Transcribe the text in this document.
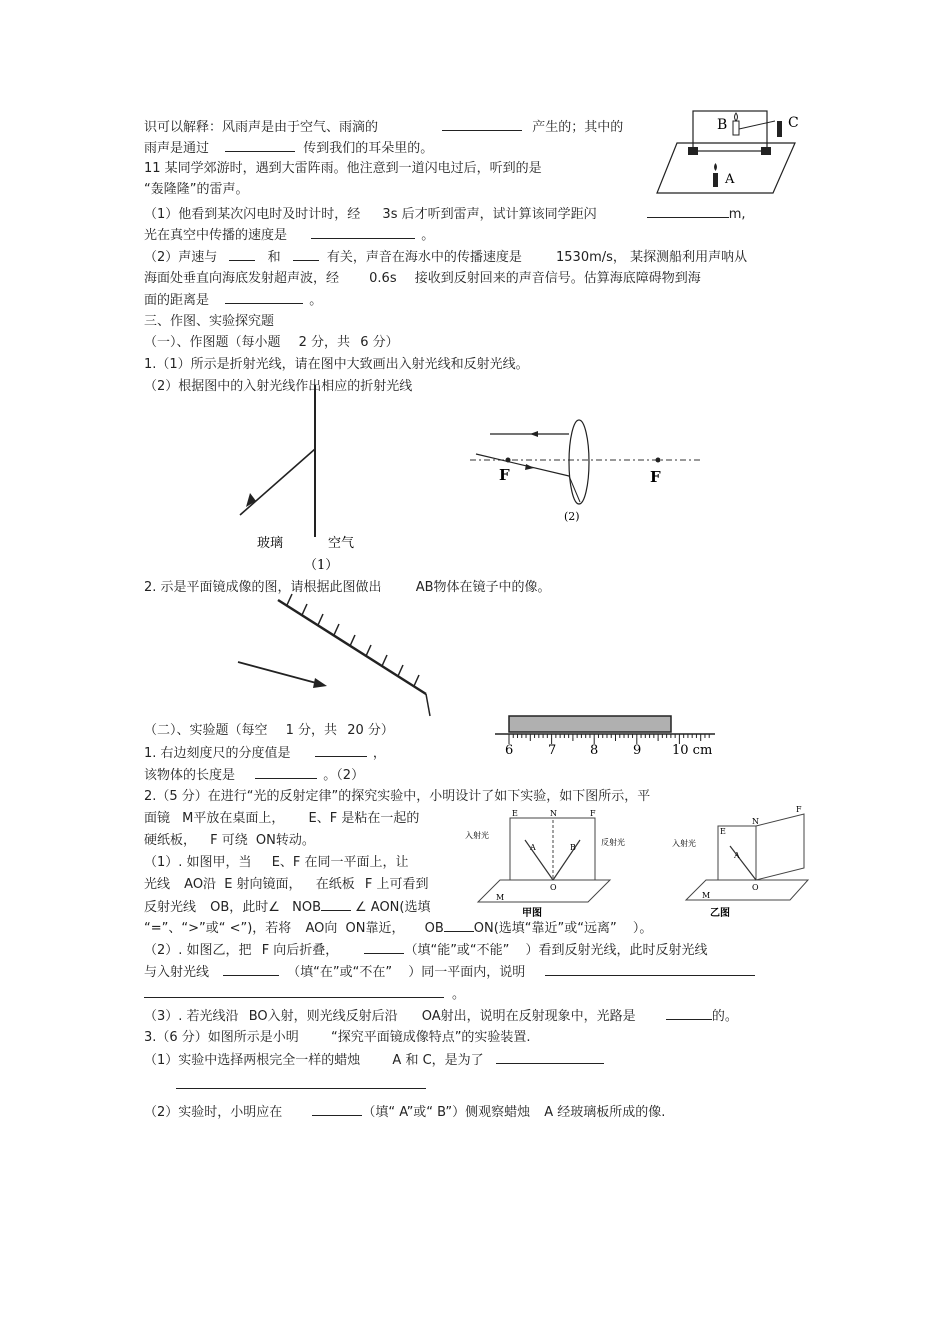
识可以解释：风雨声是由于空气、雨滴的	产生的；其中的
雨声是通过	传到我们的耳朵里的。
11 某同学郊游时，遇到大雷阵雨。他注意到一道闪电过后，听到的是
“轰隆隆”的雷声。
（1）他看到某次闪电时及时计时，经 3s 后才听到雷声，试计算该同学距闪	m,
光在真空中传播的速度是	。
（2）声速与	和	有关，声音在海水中的传播速度是	1530m/s， 某探测船利用声呐从
海面处垂直向海底发射超声波，经 0.6s 接收到反射回来的声音信号。估算海底障碍物到海
面的距离是	。
三、作图、实验探究题
（一）、作图题（每小题 2 分，共 6 分）
1.（1）所示是折射光线，请在图中大致画出入射光线和反射光线。
（2）根据图中的入射光线作出相应的折射光线
2. 示是平面镜成像的图，请根据此图做出	AB物体在镜子中的像。
（二）、实验题（每空 1 分，共 20 分）
1. 右边刻度尺的分度值是	，
该物体的长度是	。（2）
2.（5 分）在进行“光的反射定律”的探究实验中，小明设计了如下实验，如下图所示，平
面镜 M平放在桌面上， E、F 是粘在一起的
硬纸板， F 可绕 ON转动。
（1）. 如图甲，当 E、F 在同一平面上，让
光线 AO沿 E 射向镜面， 在纸板 F 上可看到
反射光线 OB，此时∠ NOB	∠ AON(选填
“=”、“>”或“ <”)，若将 AO向 ON靠近， OB ON(选填“靠近”或“远离” ）。
（2）. 如图乙，把 F 向后折叠，	（填“能”或“不能” ）看到反射光线，此时反射光线
与入射光线	（填“在”或“不在” ）同一平面内，说明
。
（3）. 若光线沿 BO入射，则光线反射后沿 OA射出，说明在反射现象中，光路是	的。
3.（6 分）如图所示是小明 “探究平面镜成像特点”的实验装置.
（1）实验中选择两根完全一样的蜡烛 A 和 C，是为了
（2）实验时，小明应在	（填“ A”或“ B”）侧观察蜡烛 A 经玻璃板所成的像.
B	C
A
玻璃	空气
（1）
F	F
(2)
6	7	8	9 10 cm
入射光
反射光
E	N	F
A	B
O
M
甲图
入射光
E
N
F
A
O
M
乙图
